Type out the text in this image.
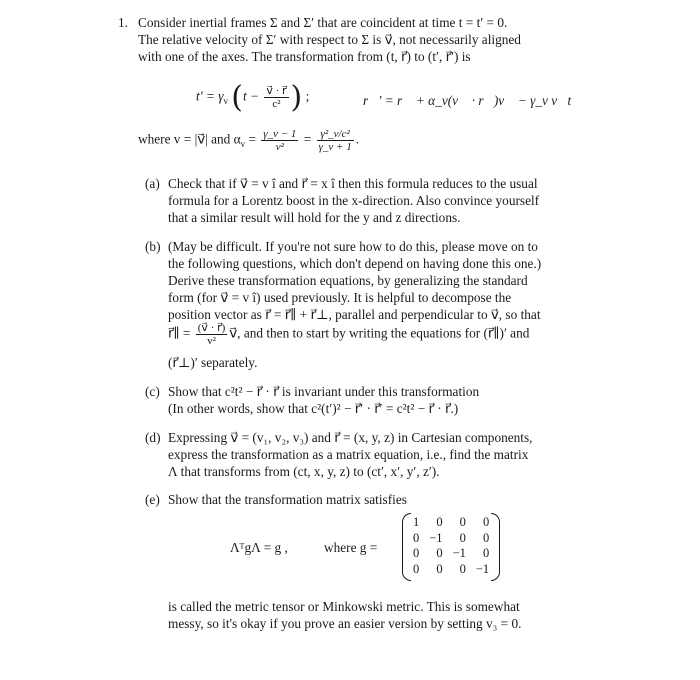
1. Consider inertial frames Σ and Σ′ that are coincident at time t = t′ = 0.
The relative velocity of Σ′ with respect to Σ is v⃗, not necessarily aligned
with one of the axes. The transformation from (t, r⃗) to (t′, r⃗′) is
$t' = \gamma_v$ ($t - \frac{v⃗ \cdot r⃗}{\text{c²}}$ ) ;	r⃗′ = r⃗ + α_v(v⃗ · r⃗)v⃗ − γ_v v⃗t
where v = |v⃗| and $\alpha_v = \frac{\gamma\_v - 1}{\text{v²}} = \frac{\text{γ²\_v/c²}}{\gamma\_v + 1}$ .
(a) Check that if v⃗ = v î and r⃗ = x î then this formula reduces to the usual
formula for a Lorentz boost in the x-direction. Also convince yourself
that a similar result will hold for the y and z directions.
(b) (May be difficult. If you're not sure how to do this, please move on to
the following questions, which don't depend on having done this one.)
Derive these transformation equations, by generalizing the standard
form (for v⃗ = v î) used previously. It is helpful to decompose the
position vector as r⃗ = r⃗∥ + r⃗⊥, parallel and perpendicular to v⃗, so that
r⃗∥ = $\frac{(v⃗ \cdot r⃗)}{\text{v²}}$ v⃗, and then to start by writing the equations for (r⃗∥)′ and
(r⃗⊥)′ separately.
(c) Show that c²t² − r⃗ · r⃗ is invariant under this transformation
(In other words, show that c²(t′)² − r⃗′ · r⃗′ = c²t² − r⃗ · r⃗.)
(d) Expressing v⃗ = (v₁, v₂, v₃) and r⃗ = (x, y, z) in Cartesian components,
express the transformation as a matrix equation, i.e., find the matrix
Λ that transforms from (ct, x, y, z) to (ct′, x′, y′, z′).
(e) Show that the transformation matrix satisfies
ΛᵀgΛ = g ,	where g =
1	0	0	0
0	−1	0	0
0	0	−1	0
0	0	0	−1
is called the metric tensor or Minkowski metric. This is somewhat
messy, so it's okay if you prove an easier version by setting v₃ = 0.
